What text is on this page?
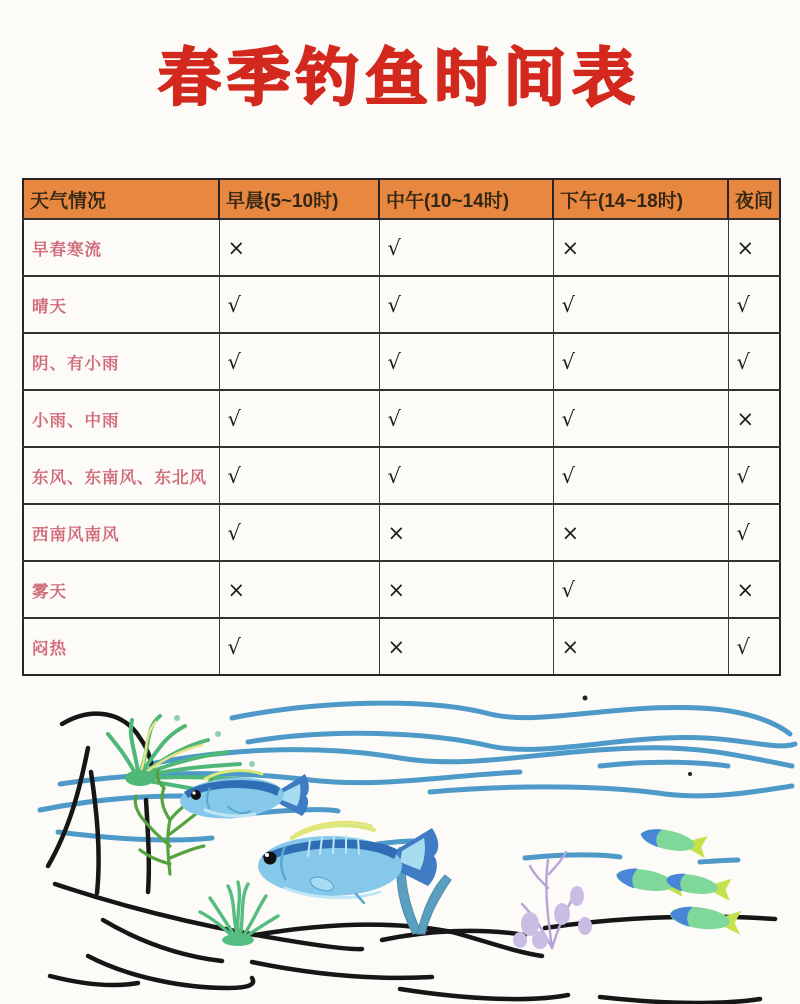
春季钓鱼时间表
天气情况	早晨(5~10时)	中午(10~14时)	下午(14~18时)	夜间
早春寒流	×	√	×	×
晴天	√	√	√	√
阴、有小雨	√	√	√	√
小雨、中雨	√	√	√	×
东风、东南风、东北风	√	√	√	√
西南风南风	√	×	×	√
雾天	×	×	√	×
闷热	√	×	×	√
